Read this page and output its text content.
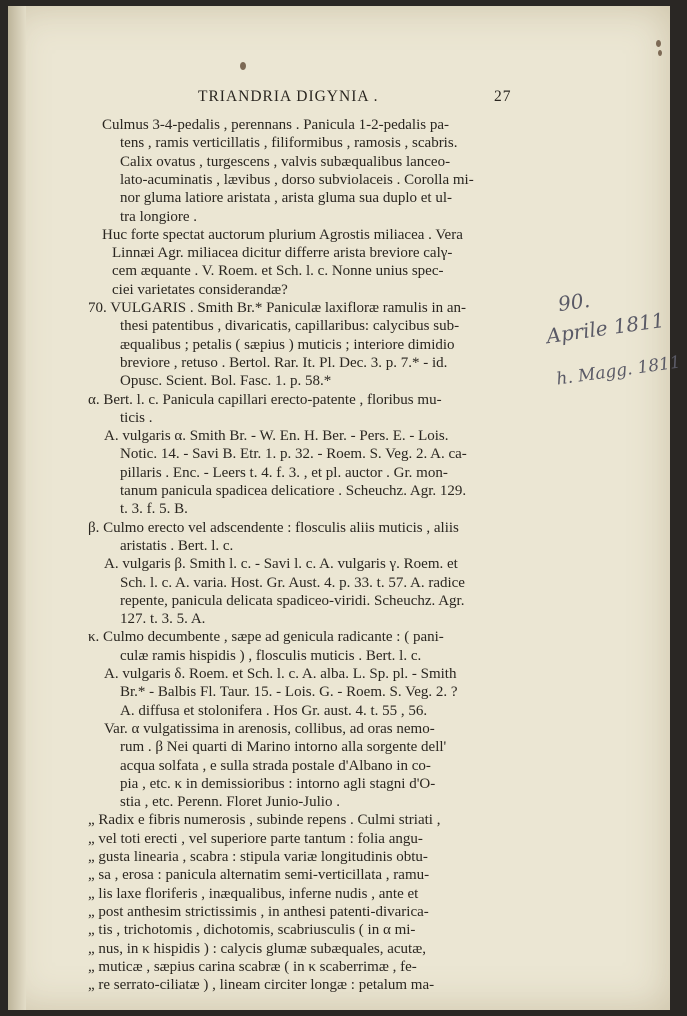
TRIANDRIA DIGYNIA .	27
Culmus 3-4-pedalis , perennans . Panicula 1-2-pedalis pa-
tens , ramis verticillatis , filiformibus , ramosis , scabris.
Calix ovatus , turgescens , valvis subæqualibus lanceo-
lato-acuminatis , lævibus , dorso subviolaceis . Corolla mi-
nor gluma latiore aristata , arista gluma sua duplo et ul-
tra longiore .
Huc forte spectat auctorum plurium Agrostis miliacea . Vera
Linnæi Agr. miliacea dicitur differre arista breviore calγ-
cem æquante . V. Roem. et Sch. l. c. Nonne unius spec-
ciei varietates considerandæ?
70. VULGARIS . Smith Br.* Paniculæ laxifloræ ramulis in an-
thesi patentibus , divaricatis, capillaribus: calycibus sub-
æqualibus ; petalis ( sæpius ) muticis ; interiore dimidio
breviore , retuso . Bertol. Rar. It. Pl. Dec. 3. p. 7.* - id.
Opusc. Scient. Bol. Fasc. 1. p. 58.*
α. Bert. l. c. Panicula capillari erecto-patente , floribus mu-
ticis .
A. vulgaris α. Smith Br. - W. En. H. Ber. - Pers. E. - Lois.
Notic. 14. - Savi B. Etr. 1. p. 32. - Roem. S. Veg. 2. A. ca-
pillaris . Enc. - Leers t. 4. f. 3. , et pl. auctor . Gr. mon-
tanum panicula spadicea delicatiore . Scheuchz. Agr. 129.
t. 3. f. 5. B.
β. Culmo erecto vel adscendente : flosculis aliis muticis , aliis
aristatis . Bert. l. c.
A. vulgaris β. Smith l. c. - Savi l. c. A. vulgaris γ. Roem. et
Sch. l. c. A. varia. Host. Gr. Aust. 4. p. 33. t. 57. A. radice
repente, panicula delicata spadiceo-viridi. Scheuchz. Agr.
127. t. 3. 5. A.
κ. Culmo decumbente , sæpe ad genicula radicante : ( pani-
culæ ramis hispidis ) , flosculis muticis . Bert. l. c.
A. vulgaris δ. Roem. et Sch. l. c. A. alba. L. Sp. pl. - Smith
Br.* - Balbis Fl. Taur. 15. - Lois. G. - Roem. S. Veg. 2. ?
A. diffusa et stolonifera . Hos Gr. aust. 4. t. 55 , 56.
Var. α vulgatissima in arenosis, collibus, ad oras nemo-
rum . β Nei quarti di Marino intorno alla sorgente dell'
acqua solfata , e sulla strada postale d'Albano in co-
pia , etc. κ in demissioribus : intorno agli stagni d'O-
stia , etc. Perenn. Floret Junio-Julio .
„ Radix e fibris numerosis , subinde repens . Culmi striati ,
„ vel toti erecti , vel superiore parte tantum : folia angu-
„ gusta linearia , scabra : stipula variæ longitudinis obtu-
„ sa , erosa : panicula alternatim semi-verticillata , ramu-
„ lis laxe floriferis , inæqualibus, inferne nudis , ante et
„ post anthesim strictissimis , in anthesi patenti-divarica-
„ tis , trichotomis , dichotomis, scabriusculis ( in α mi-
„ nus, in κ hispidis ) : calycis glumæ subæquales, acutæ,
„ muticæ , sæpius carina scabræ ( in κ scaberrimæ , fe-
„ re serrato-ciliatæ ) , lineam circiter longæ : petalum ma-
90.
Aprile 1811
h. Magg. 1811
